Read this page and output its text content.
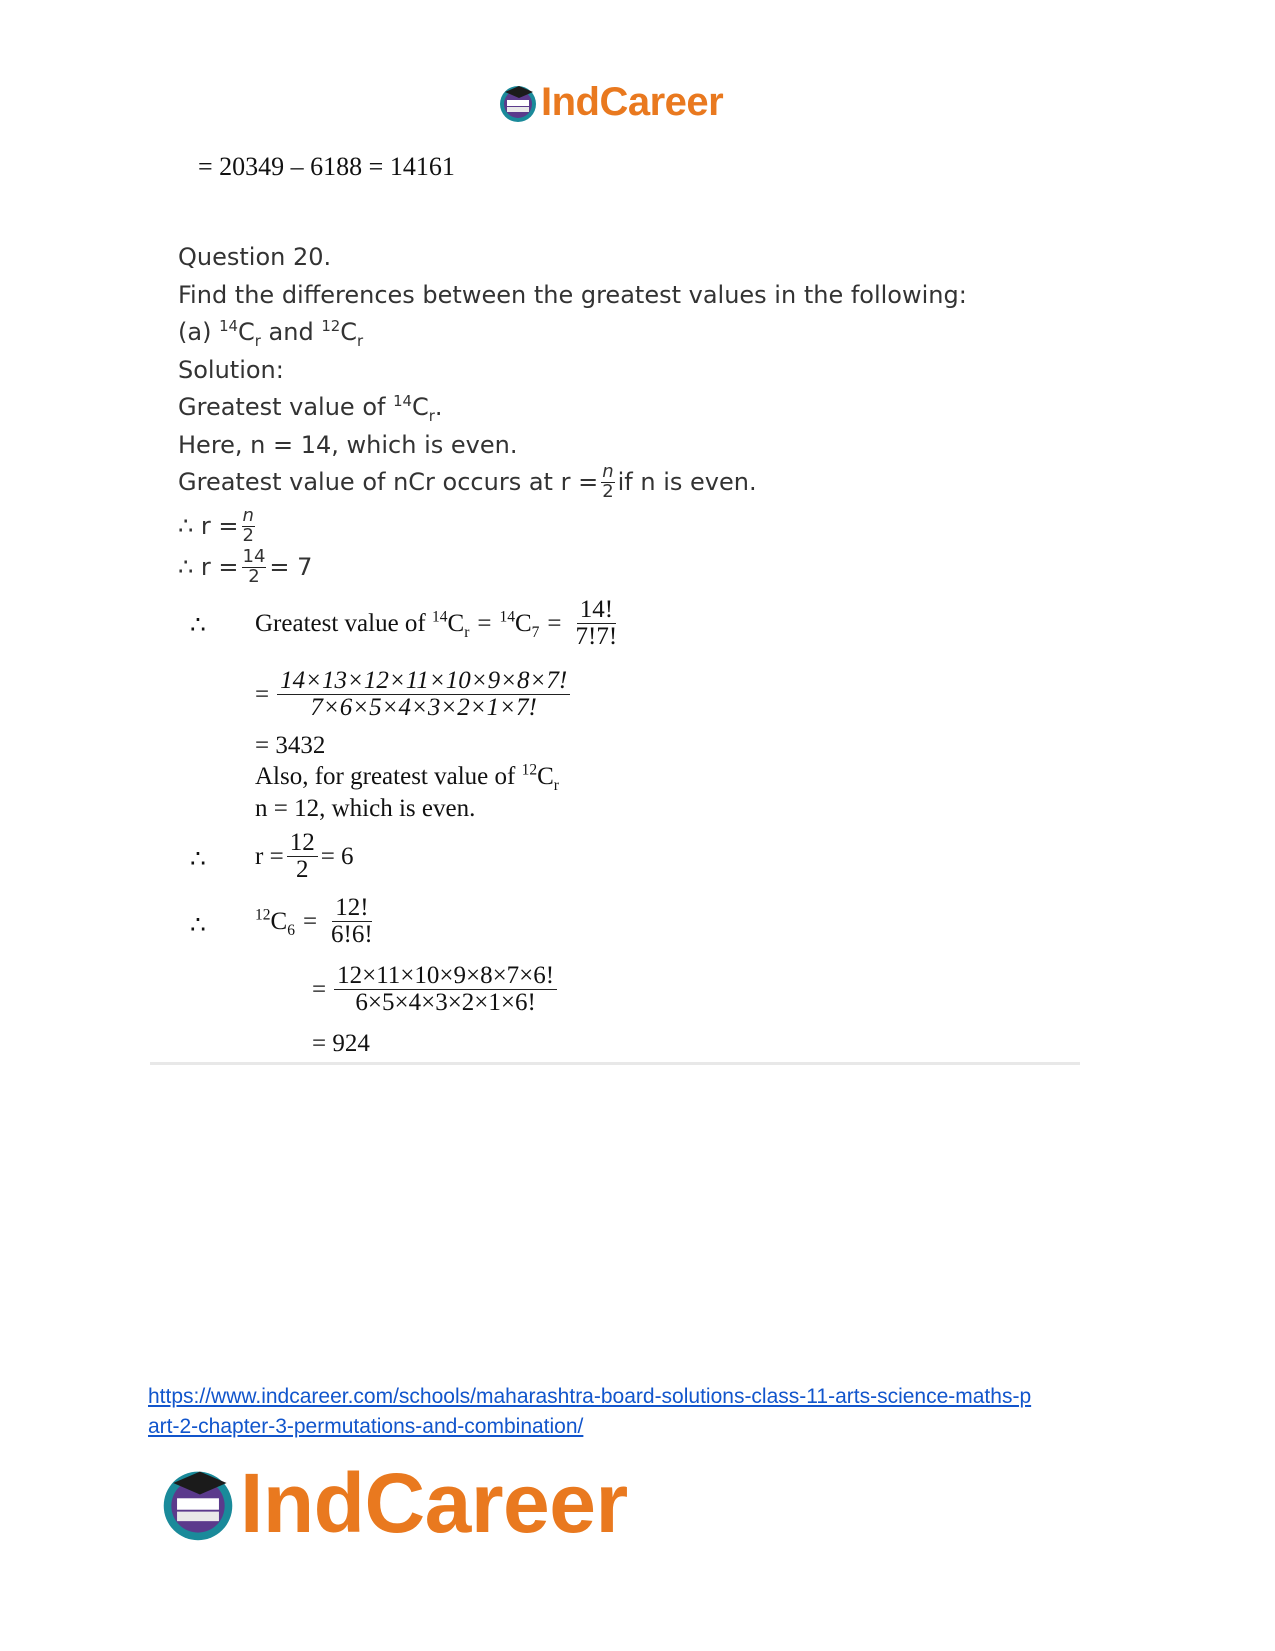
IndCareer
= 20349 – 6188 = 14161
Question 20.
Find the differences between the greatest values in the following:
(a) $^{14}C_r$ and $^{12}C_r$
Solution:
Greatest value of $^{14}C_r$.
Here, n = 14, which is even.
Greatest value of nCr occurs at $r = \frac{n}{2}$ if n is even.
∴ $r = \frac{n}{2}$
∴ $r = \frac{14}{2} = 7$
∴ Greatest value of
$^{14}C_r = ^{14}C_7 = \frac{14!}{7!7!}$
= $\frac{14\times 13\times 12\times 11\times 10\times 9\times 8\times 7!}{7\times 6\times 5\times 4\times 3\times 2\times 1\times 7!}$
= 3432
Also, for greatest value of $^{12}C_r$
n = 12, which is even.
∴ $r = \frac{12}{2} = 6$
∴	$^{12}C_6 = \frac{12!}{6!6!}$
= $\frac{12\times 11\times 10\times 9\times 8\times 7\times 6!}{6\times 5\times 4\times 3\times 2\times 1\times 6!}$
= 924
https://www.indcareer.com/schools/maharashtra-board-solutions-class-11-arts-science-maths-p
art-2-chapter-3-permutations-and-combination/
IndCareer
